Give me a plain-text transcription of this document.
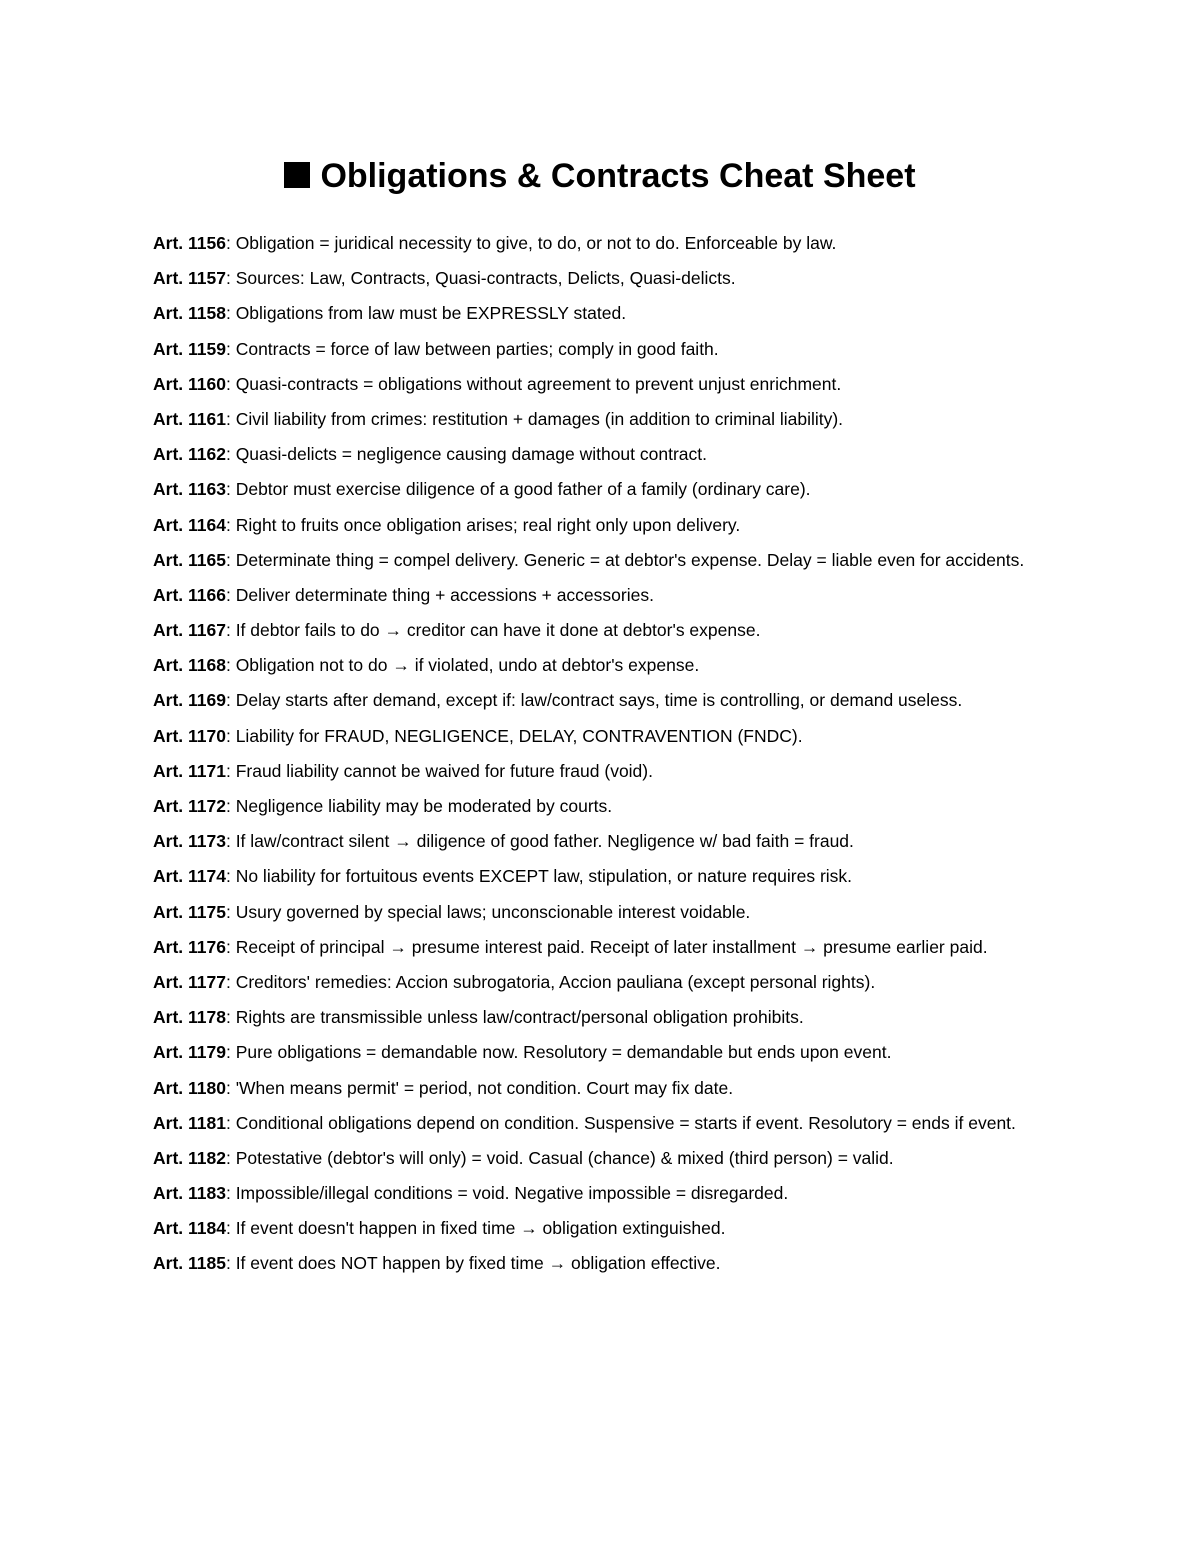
Obligations & Contracts Cheat Sheet
Art. 1156: Obligation = juridical necessity to give, to do, or not to do. Enforceable by law.
Art. 1157: Sources: Law, Contracts, Quasi-contracts, Delicts, Quasi-delicts.
Art. 1158: Obligations from law must be EXPRESSLY stated.
Art. 1159: Contracts = force of law between parties; comply in good faith.
Art. 1160: Quasi-contracts = obligations without agreement to prevent unjust enrichment.
Art. 1161: Civil liability from crimes: restitution + damages (in addition to criminal liability).
Art. 1162: Quasi-delicts = negligence causing damage without contract.
Art. 1163: Debtor must exercise diligence of a good father of a family (ordinary care).
Art. 1164: Right to fruits once obligation arises; real right only upon delivery.
Art. 1165: Determinate thing = compel delivery. Generic = at debtor's expense. Delay = liable even for accidents.
Art. 1166: Deliver determinate thing + accessions + accessories.
Art. 1167: If debtor fails to do → creditor can have it done at debtor's expense.
Art. 1168: Obligation not to do → if violated, undo at debtor's expense.
Art. 1169: Delay starts after demand, except if: law/contract says, time is controlling, or demand useless.
Art. 1170: Liability for FRAUD, NEGLIGENCE, DELAY, CONTRAVENTION (FNDC).
Art. 1171: Fraud liability cannot be waived for future fraud (void).
Art. 1172: Negligence liability may be moderated by courts.
Art. 1173: If law/contract silent → diligence of good father. Negligence w/ bad faith = fraud.
Art. 1174: No liability for fortuitous events EXCEPT law, stipulation, or nature requires risk.
Art. 1175: Usury governed by special laws; unconscionable interest voidable.
Art. 1176: Receipt of principal → presume interest paid. Receipt of later installment → presume earlier paid.
Art. 1177: Creditors' remedies: Accion subrogatoria, Accion pauliana (except personal rights).
Art. 1178: Rights are transmissible unless law/contract/personal obligation prohibits.
Art. 1179: Pure obligations = demandable now. Resolutory = demandable but ends upon event.
Art. 1180: 'When means permit' = period, not condition. Court may fix date.
Art. 1181: Conditional obligations depend on condition. Suspensive = starts if event. Resolutory = ends if event.
Art. 1182: Potestative (debtor's will only) = void. Casual (chance) & mixed (third person) = valid.
Art. 1183: Impossible/illegal conditions = void. Negative impossible = disregarded.
Art. 1184: If event doesn't happen in fixed time → obligation extinguished.
Art. 1185: If event does NOT happen by fixed time → obligation effective.
